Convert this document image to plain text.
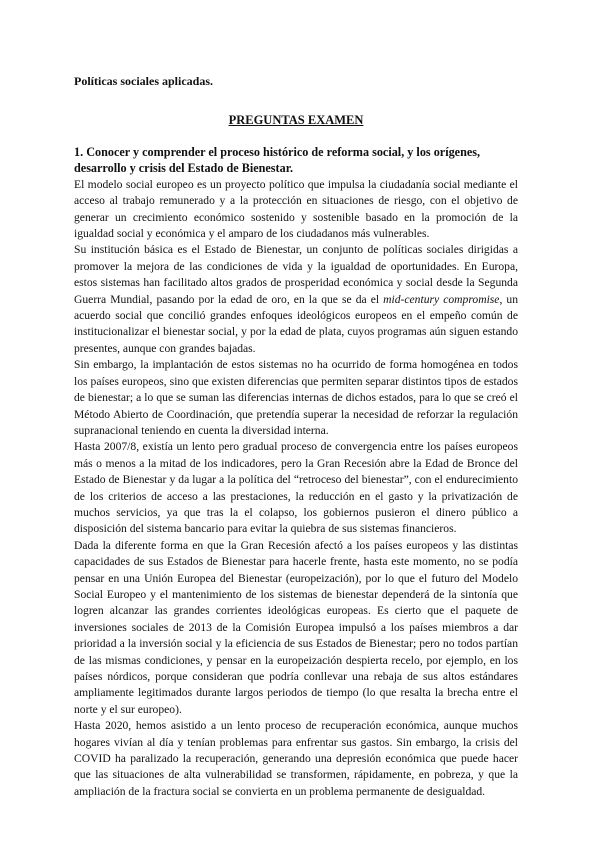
Políticas sociales aplicadas.

PREGUNTAS EXAMEN

1. Conocer y comprender el proceso histórico de reforma social, y los orígenes, desarrollo y crisis del Estado de Bienestar.

El modelo social europeo es un proyecto político que impulsa la ciudadanía social mediante el acceso al trabajo remunerado y a la protección en situaciones de riesgo, con el objetivo de generar un crecimiento económico sostenido y sostenible basado en la promoción de la igualdad social y económica y el amparo de los ciudadanos más vulnerables.

Su institución básica es el Estado de Bienestar, un conjunto de políticas sociales dirigidas a promover la mejora de las condiciones de vida y la igualdad de oportunidades. En Europa, estos sistemas han facilitado altos grados de prosperidad económica y social desde la Segunda Guerra Mundial, pasando por la edad de oro, en la que se da el mid-century compromise, un acuerdo social que concilió grandes enfoques ideológicos europeos en el empeño común de institucionalizar el bienestar social, y por la edad de plata, cuyos programas aún siguen estando presentes, aunque con grandes bajadas.

Sin embargo, la implantación de estos sistemas no ha ocurrido de forma homogénea en todos los países europeos, sino que existen diferencias que permiten separar distintos tipos de estados de bienestar; a lo que se suman las diferencias internas de dichos estados, para lo que se creó el Método Abierto de Coordinación, que pretendía superar la necesidad de reforzar la regulación supranacional teniendo en cuenta la diversidad interna.

Hasta 2007/8, existía un lento pero gradual proceso de convergencia entre los países europeos más o menos a la mitad de los indicadores, pero la Gran Recesión abre la Edad de Bronce del Estado de Bienestar y da lugar a la política del “retroceso del bienestar”, con el endurecimiento de los criterios de acceso a las prestaciones, la reducción en el gasto y la privatización de muchos servicios, ya que tras la el colapso, los gobiernos pusieron el dinero público a disposición del sistema bancario para evitar la quiebra de sus sistemas financieros.

Dada la diferente forma en que la Gran Recesión afectó a los países europeos y las distintas capacidades de sus Estados de Bienestar para hacerle frente, hasta este momento, no se podía pensar en una Unión Europea del Bienestar (europeización), por lo que el futuro del Modelo Social Europeo y el mantenimiento de los sistemas de bienestar dependerá de la sintonía que logren alcanzar las grandes corrientes ideológicas europeas. Es cierto que el paquete de inversiones sociales de 2013 de la Comisión Europea impulsó a los países miembros a dar prioridad a la inversión social y la eficiencia de sus Estados de Bienestar; pero no todos partían de las mismas condiciones, y pensar en la europeización despierta recelo, por ejemplo, en los países nórdicos, porque consideran que podría conllevar una rebaja de sus altos estándares ampliamente legitimados durante largos periodos de tiempo (lo que resalta la brecha entre el norte y el sur europeo).

Hasta 2020, hemos asistido a un lento proceso de recuperación económica, aunque muchos hogares vivían al día y tenían problemas para enfrentar sus gastos. Sin embargo, la crisis del COVID ha paralizado la recuperación, generando una depresión económica que puede hacer que las situaciones de alta vulnerabilidad se transformen, rápidamente, en pobreza, y que la ampliación de la fractura social se convierta en un problema permanente de desigualdad.
